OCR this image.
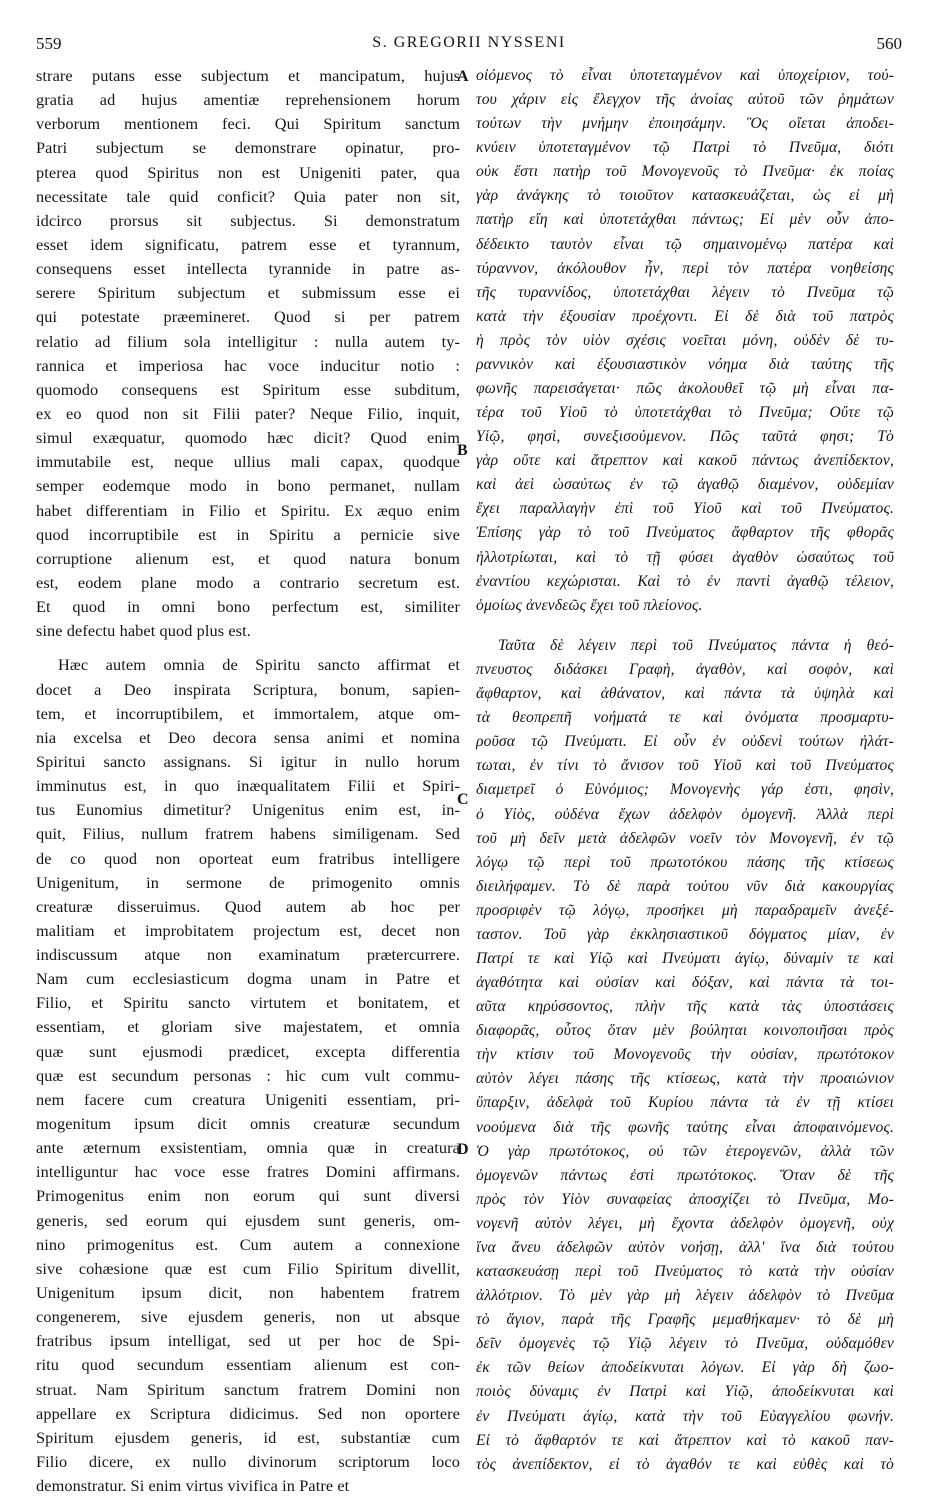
559	S. GREGORII NYSSENI	560
strare putans esse subjectum et mancipatum, hujus
gratia ad hujus amentiæ reprehensionem horum
verborum mentionem feci. Qui Spiritum sanctum
Patri subjectum se demonstrare opinatur, pro-
pterea quod Spiritus non est Unigeniti pater, qua
necessitate tale quid conficit? Quia pater non sit,
idcirco prorsus sit subjectus. Si demonstratum
esset idem significatu, patrem esse et tyrannum,
consequens esset intellecta tyrannide in patre as-
serere Spiritum subjectum et submissum esse ei
qui potestate præemineret. Quod si per patrem
relatio ad filium sola intelligitur : nulla autem ty-
rannica et imperiosa hac voce inducitur notio :
quomodo consequens est Spiritum esse subditum,
ex eo quod non sit Filii pater? Neque Filio, inquit,
simul exæquatur, quomodo hæc dicit? Quod enim
immutabile est, neque ullius mali capax, quodque
semper eodemque modo in bono permanet, nullam
habet differentiam in Filio et Spiritu. Ex æquo enim
quod incorruptibile est in Spiritu a pernicie sive
corruptione alienum est, et quod natura bonum
est, eodem plane modo a contrario secretum est.
Et quod in omni bono perfectum est, similiter
sine defectu habet quod plus est.
Hæc autem omnia de Spiritu sancto affirmat et
docet a Deo inspirata Scriptura, bonum, sapien-
tem, et incorruptibilem, et immortalem, atque om-
nia excelsa et Deo decora sensa animi et nomina
Spiritui sancto assignans. Si igitur in nullo horum
imminutus est, in quo inæqualitatem Filii et Spiri-
tus Eunomius dimetitur? Unigenitus enim est, in-
quit, Filius, nullum fratrem habens similigenam. Sed
de co quod non oporteat eum fratribus intelligere
Unigenitum, in sermone de primogenito omnis
creaturæ disseruimus. Quod autem ab hoc per
malitiam et improbitatem projectum est, decet non
indiscussum atque non examinatum prætercurrere.
Nam cum ecclesiasticum dogma unam in Patre et
Filio, et Spiritu sancto virtutem et bonitatem, et
essentiam, et gloriam sive majestatem, et omnia
quæ sunt ejusmodi prædicet, excepta differentia
quæ est secundum personas : hic cum vult commu-
nem facere cum creatura Unigeniti essentiam, pri-
mogenitum ipsum dicit omnis creaturæ secundum
ante æternum exsistentiam, omnia quæ in creatura
intelliguntur hac voce esse fratres Domini affirmans.
Primogenitus enim non eorum qui sunt diversi
generis, sed eorum qui ejusdem sunt generis, om-
nino primogenitus est. Cum autem a connexione
sive cohæsione quæ est cum Filio Spiritum divellit,
Unigenitum ipsum dicit, non habentem fratrem
congenerem, sive ejusdem generis, non ut absque
fratribus ipsum intelligat, sed ut per hoc de Spi-
ritu quod secundum essentiam alienum est con-
struat. Nam Spiritum sanctum fratrem Domini non
appellare ex Scriptura didicimus. Sed non oportere
Spiritum ejusdem generis, id est, substantiæ cum
Filio dicere, ex nullo divinorum scriptorum loco
demonstratur. Si enim virtus vivifica in Patre et
οἰόμενος τὸ εἶναι ὑποτεταγμένον καὶ ὑποχείριον, τού-
του χάριν εἰς ἔλεγχον τῆς ἀνοίας αὐτοῦ τῶν ῥημάτων
τούτων τὴν μνήμην ἐποιησάμην. Ὃς οἴεται ἀποδει-
κνύειν ὑποτεταγμένον τῷ Πατρὶ τὸ Πνεῦμα, διότι
οὐκ ἔστι πατὴρ τοῦ Μονογενοῦς τὸ Πνεῦμα· ἐκ ποίας
γὰρ ἀνάγκης τὸ τοιοῦτον κατασκευάζεται, ὡς εἰ μὴ
πατὴρ εἴη καὶ ὑποτετάχθαι πάντως; Εἰ μὲν οὖν ἀπο-
δέδεικτο ταυτὸν εἶναι τῷ σημαινομένῳ πατέρα καὶ
τύραννον, ἀκόλουθον ἦν, περὶ τὸν πατέρα νοηθείσης
τῆς τυραννίδος, ὑποτετάχθαι λέγειν τὸ Πνεῦμα τῷ
κατὰ τὴν ἐξουσίαν προέχοντι. Εἰ δὲ διὰ τοῦ πατρὸς
ἡ πρὸς τὸν υἱὸν σχέσις νοεῖται μόνη, οὐδὲν δὲ τυ-
ραννικὸν καὶ ἐξουσιαστικὸν νόημα διὰ ταύτης τῆς
φωνῆς παρεισάγεται· πῶς ἀκολουθεῖ τῷ μὴ εἶναι πα-
τέρα τοῦ Υἱοῦ τὸ ὑποτετάχθαι τὸ Πνεῦμα; Οὔτε τῷ
Υἱῷ, φησὶ, συνεξισούμενον. Πῶς ταῦτά φησι; Τὸ
γὰρ οὔτε καὶ ἄτρεπτον καὶ κακοῦ πάντως ἀνεπίδεκτον,
καὶ ἀεὶ ὡσαύτως ἐν τῷ ἀγαθῷ διαμένον, οὐδεμίαν
ἔχει παραλλαγὴν ἐπὶ τοῦ Υἱοῦ καὶ τοῦ Πνεύματος.
Ἐπίσης γὰρ τὸ τοῦ Πνεύματος ἄφθαρτον τῆς φθορᾶς
ἠλλοτρίωται, καὶ τὸ τῇ φύσει ἀγαθὸν ὡσαύτως τοῦ
ἐναντίου κεχώρισται. Καὶ τὸ ἐν παντὶ ἀγαθῷ τέλειον,
ὁμοίως ἀνενδεῶς ἔχει τοῦ πλείονος.
Ταῦτα δὲ λέγειν περὶ τοῦ Πνεύματος πάντα ἡ θεό-
πνευστος διδάσκει Γραφὴ, ἀγαθὸν, καὶ σοφὸν, καὶ
ἄφθαρτον, καὶ ἀθάνατον, καὶ πάντα τὰ ὑψηλὰ καὶ
τὰ θεοπρεπῆ νοήματά τε καὶ ὀνόματα προσμαρτυ-
ροῦσα τῷ Πνεύματι. Εἰ οὖν ἐν οὐδενὶ τούτων ἠλάτ-
τωται, ἐν τίνι τὸ ἄνισον τοῦ Υἱοῦ καὶ τοῦ Πνεύματος
διαμετρεῖ ὁ Εὐνόμιος; Μονογενὴς γάρ ἐστι, φησὶν,
ὁ Υἱὸς, οὐδένα ἔχων ἀδελφὸν ὁμογενῆ. Ἀλλὰ περὶ
τοῦ μὴ δεῖν μετὰ ἀδελφῶν νοεῖν τὸν Μονογενῆ, ἐν τῷ
λόγῳ τῷ περὶ τοῦ πρωτοτόκου πάσης τῆς κτίσεως
διειλήφαμεν. Τὸ δὲ παρὰ τούτου νῦν διὰ κακουργίας
προσριφὲν τῷ λόγῳ, προσήκει μὴ παραδραμεῖν ἀνεξέ-
ταστον. Τοῦ γὰρ ἐκκλησιαστικοῦ δόγματος μίαν, ἐν
Πατρί τε καὶ Υἱῷ καὶ Πνεύματι ἁγίῳ, δύναμίν τε καὶ
ἀγαθότητα καὶ οὐσίαν καὶ δόξαν, καὶ πάντα τὰ τοι-
αῦτα κηρύσσοντος, πλὴν τῆς κατὰ τὰς ὑποστάσεις
διαφορᾶς, οὗτος ὅταν μὲν βούληται κοινοποιῆσαι πρὸς
τὴν κτίσιν τοῦ Μονογενοῦς τὴν οὐσίαν, πρωτότοκον
αὐτὸν λέγει πάσης τῆς κτίσεως, κατὰ τὴν προαιώνιον
ὕπαρξιν, ἀδελφὰ τοῦ Κυρίου πάντα τὰ ἐν τῇ κτίσει
νοούμενα διὰ τῆς φωνῆς ταύτης εἶναι ἀποφαινόμενος.
Ὁ γὰρ πρωτότοκος, οὐ τῶν ἑτερογενῶν, ἀλλὰ τῶν
ὁμογενῶν πάντως ἐστὶ πρωτότοκος. Ὅταν δὲ τῆς
πρὸς τὸν Υἱὸν συναφείας ἀποσχίζει τὸ Πνεῦμα, Μο-
νογενῆ αὐτὸν λέγει, μὴ ἔχοντα ἀδελφὸν ὁμογενῆ, οὐχ
ἵνα ἄνευ ἀδελφῶν αὐτὸν νοήσῃ, ἀλλ' ἵνα διὰ τούτου
κατασκευάσῃ περὶ τοῦ Πνεύματος τὸ κατὰ τὴν οὐσίαν
ἀλλότριον. Τὸ μὲν γὰρ μὴ λέγειν ἀδελφὸν τὸ Πνεῦμα
τὸ ἅγιον, παρὰ τῆς Γραφῆς μεμαθήκαμεν· τὸ δὲ μὴ
δεῖν ὁμογενὲς τῷ Υἱῷ λέγειν τὸ Πνεῦμα, οὐδαμόθεν
ἐκ τῶν θείων ἀποδείκνυται λόγων. Εἰ γὰρ δὴ ζωο-
ποιὸς δύναμις ἐν Πατρὶ καὶ Υἱῷ, ἀποδείκνυται καὶ
ἐν Πνεύματι ἁγίῳ, κατὰ τὴν τοῦ Εὐαγγελίου φωνήν.
Εἰ τὸ ἄφθαρτόν τε καὶ ἄτρεπτον καὶ τὸ κακοῦ παν-
τὸς ἀνεπίδεκτον, εἰ τὸ ἀγαθόν τε καὶ εὐθὲς καὶ τὸ
A
B
C
D
